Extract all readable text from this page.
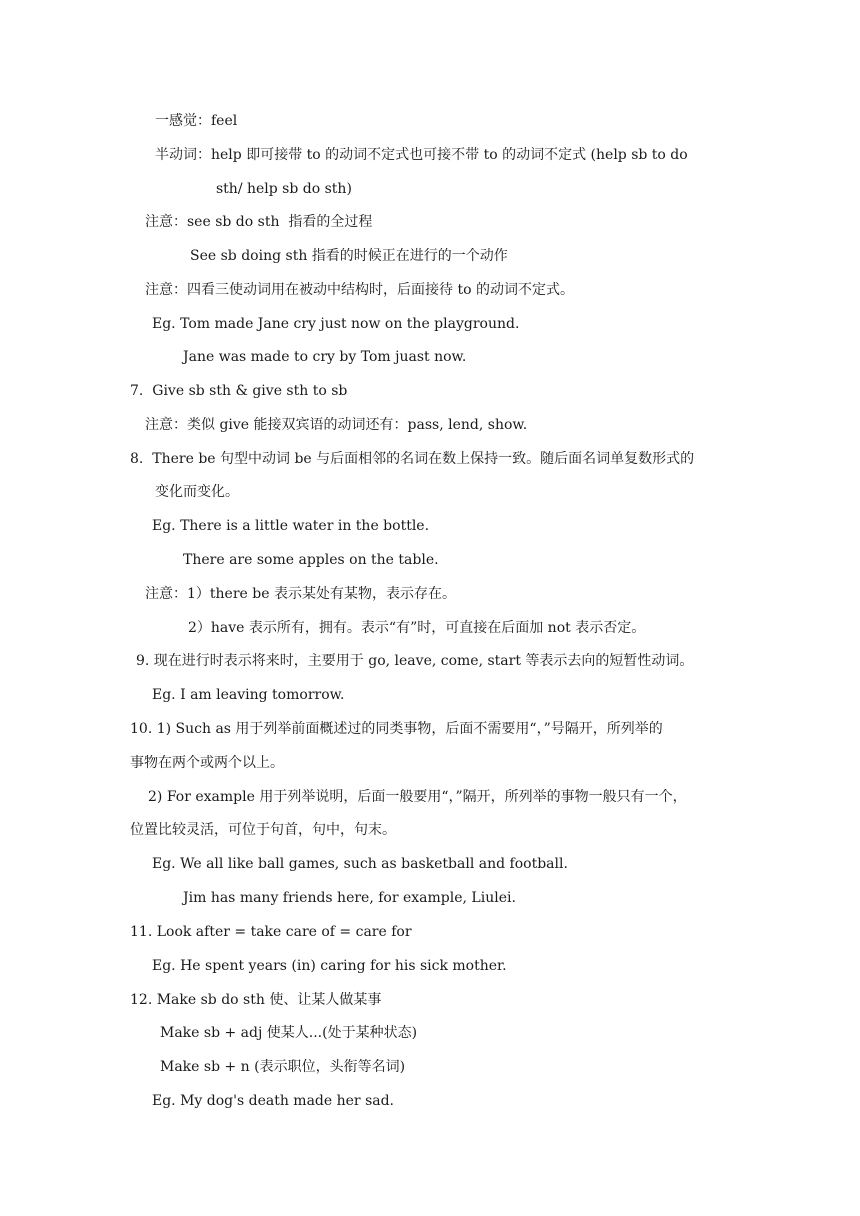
一感觉：feel
半动词：help 即可接带 to 的动词不定式也可接不带 to 的动词不定式 (help sb to do
sth/ help sb do sth)
注意：see sb do sth  指看的全过程
See sb doing sth 指看的时候正在进行的一个动作
注意：四看三使动词用在被动中结构时，后面接待 to 的动词不定式。
Eg. Tom made Jane cry just now on the playground.
Jane was made to cry by Tom juast now.
7.  Give sb sth & give sth to sb
注意：类似 give 能接双宾语的动词还有：pass, lend, show.
8.  There be 句型中动词 be 与后面相邻的名词在数上保持一致。随后面名词单复数形式的
变化而变化。
Eg. There is a little water in the bottle.
There are some apples on the table.
注意：1）there be 表示某处有某物，表示存在。
2）have 表示所有，拥有。表示“有”时，可直接在后面加 not 表示否定。
9. 现在进行时表示将来时，主要用于 go, leave, come, start 等表示去向的短暂性动词。
Eg. I am leaving tomorrow.
10. 1) Such as 用于列举前面概述过的同类事物，后面不需要用“，”号隔开，所列举的
事物在两个或两个以上。
2) For example 用于列举说明，后面一般要用“，”隔开，所列举的事物一般只有一个，
位置比较灵活，可位于句首，句中，句末。
Eg. We all like ball games, such as basketball and football.
Jim has many friends here, for example, Liulei.
11. Look after = take care of = care for
Eg. He spent years (in) caring for his sick mother.
12. Make sb do sth 使、让某人做某事
Make sb + adj 使某人...(处于某种状态)
Make sb + n (表示职位，头衔等名词)
Eg. My dog's death made her sad.
